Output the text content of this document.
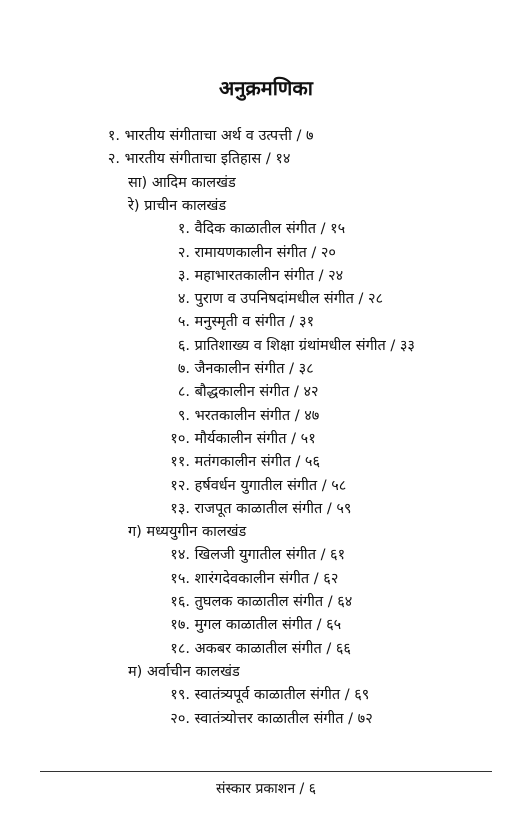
अनुक्रमणिका
१. भारतीय संगीताचा अर्थ व उत्पत्ती / ७
२. भारतीय संगीताचा इतिहास / १४
सा) आदिम कालखंड
रे) प्राचीन कालखंड
१. वैदिक काळातील संगीत / १५
२. रामायणकालीन संगीत / २०
३. महाभारतकालीन संगीत / २४
४. पुराण व उपनिषदांमधील संगीत / २८
५. मनुस्मृती व संगीत / ३१
६. प्रातिशाख्य व शिक्षा ग्रंथांमधील संगीत / ३३
७. जैनकालीन संगीत / ३८
८. बौद्धकालीन संगीत / ४२
९. भरतकालीन संगीत / ४७
१०. मौर्यकालीन संगीत / ५१
११. मतंगकालीन संगीत / ५६
१२. हर्षवर्धन युगातील संगीत / ५८
१३. राजपूत काळातील संगीत / ५९
ग) मध्ययुगीन कालखंड
१४. खिलजी युगातील संगीत / ६१
१५. शारंगदेवकालीन संगीत / ६२
१६. तुघलक काळातील संगीत / ६४
१७. मुगल काळातील संगीत / ६५
१८. अकबर काळातील संगीत / ६६
म) अर्वाचीन कालखंड
१९. स्वातंत्र्यपूर्व काळातील संगीत / ६९
२०. स्वातंत्र्योत्तर काळातील संगीत / ७२
संस्कार प्रकाशन / ६
